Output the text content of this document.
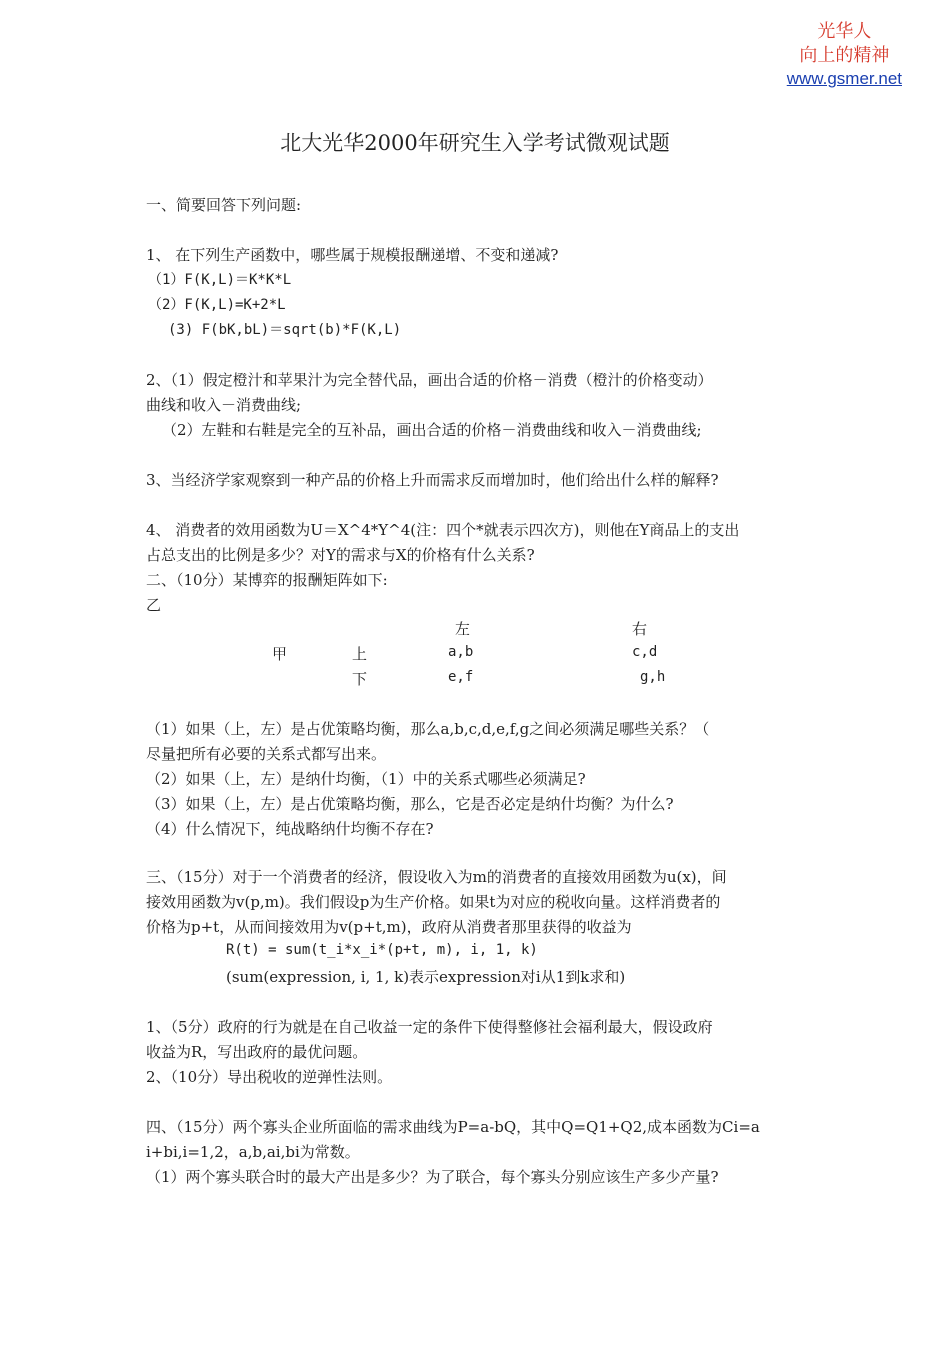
光华人
向上的精神
www.gsmer.net
北大光华2000年研究生入学考试微观试题
一、简要回答下列问题:
1、 在下列生产函数中，哪些属于规模报酬递增、不变和递减?
（1）F(K,L)＝K*K*L
（2）F(K,L)=K+2*L
(3) F(bK,bL)＝sqrt(b)*F(K,L)
2、（1）假定橙汁和苹果汁为完全替代品，画出合适的价格－消费（橙汁的价格变动）
曲线和收入－消费曲线;
（2）左鞋和右鞋是完全的互补品，画出合适的价格－消费曲线和收入－消费曲线;
3、当经济学家观察到一种产品的价格上升而需求反而增加时，他们给出什么样的解释?
4、 消费者的效用函数为U＝X^4*Y^4(注：四个*就表示四次方)，则他在Y商品上的支出
占总支出的比例是多少？对Y的需求与X的价格有什么关系?
二、（10分）某博弈的报酬矩阵如下:
乙
左	右
甲	上	a,b	c,d
下	e,f	g,h
（1）如果（上，左）是占优策略均衡，那么a,b,c,d,e,f,g之间必须满足哪些关系？（
尽量把所有必要的关系式都写出来。
（2）如果（上，左）是纳什均衡，（1）中的关系式哪些必须满足?
（3）如果（上，左）是占优策略均衡，那么，它是否必定是纳什均衡？为什么?
（4）什么情况下，纯战略纳什均衡不存在?
三、（15分）对于一个消费者的经济，假设收入为m的消费者的直接效用函数为u(x)，间
接效用函数为v(p,m)。我们假设p为生产价格。如果t为对应的税收向量。这样消费者的
价格为p+t，从而间接效用为v(p+t,m)，政府从消费者那里获得的收益为
R(t) = sum(t_i*x_i*(p+t, m), i, 1, k)
(sum(expression, i, 1, k)表示expression对i从1到k求和)
1、（5分）政府的行为就是在自己收益一定的条件下使得整修社会福利最大，假设政府
收益为R，写出政府的最优问题。
2、（10分）导出税收的逆弹性法则。
四、（15分）两个寡头企业所面临的需求曲线为P=a-bQ，其中Q=Q1+Q2,成本函数为Ci=a
i+bi,i=1,2，a,b,ai,bi为常数。
（1）两个寡头联合时的最大产出是多少？为了联合，每个寡头分别应该生产多少产量?
